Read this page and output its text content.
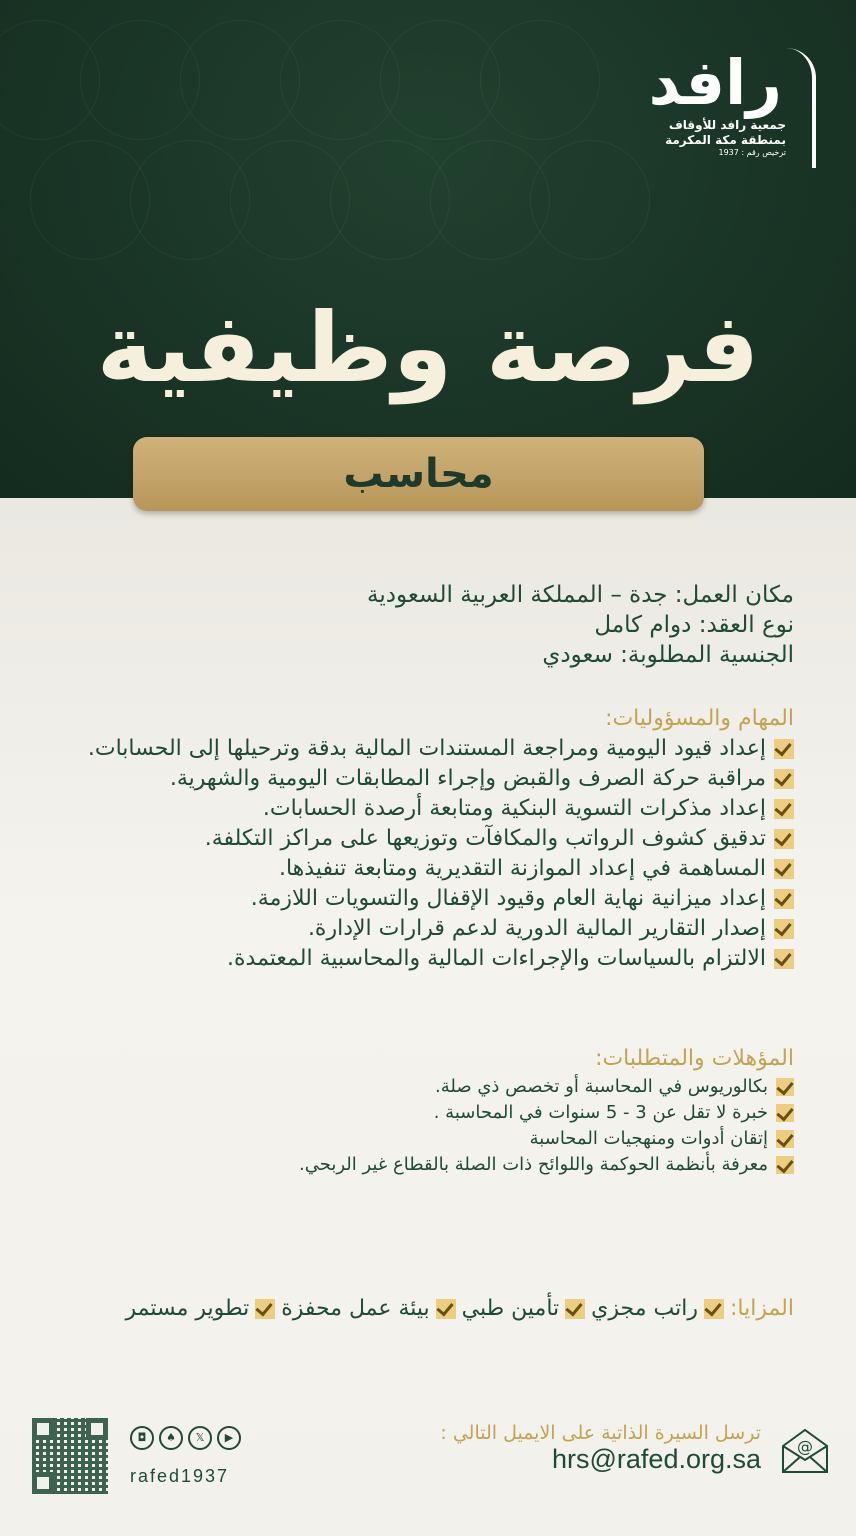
رافد
جمعية رافد للأوقاف
بمنطقة مكة المكرمة
ترخيص رقم : 1937
فرصة وظيفية
محاسب
مكان العمل: جدة – المملكة العربية السعودية
نوع العقد: دوام كامل
الجنسية المطلوبة: سعودي
المهام والمسؤوليات:
إعداد قيود اليومية ومراجعة المستندات المالية بدقة وترحيلها إلى الحسابات.
مراقبة حركة الصرف والقبض وإجراء المطابقات اليومية والشهرية.
إعداد مذكرات التسوية البنكية ومتابعة أرصدة الحسابات.
تدقيق كشوف الرواتب والمكافآت وتوزيعها على مراكز التكلفة.
المساهمة في إعداد الموازنة التقديرية ومتابعة تنفيذها.
إعداد ميزانية نهاية العام وقيود الإقفال والتسويات اللازمة.
إصدار التقارير المالية الدورية لدعم قرارات الإدارة.
الالتزام بالسياسات والإجراءات المالية والمحاسبية المعتمدة.
المؤهلات والمتطلبات:
بكالوريوس في المحاسبة أو تخصص ذي صلة.
خبرة لا تقل عن 3 - 5 سنوات في المحاسبة .
إتقان أدوات ومنهجيات المحاسبة
معرفة بأنظمة الحوكمة واللوائح ذات الصلة بالقطاع غير الربحي.
المزايا:
راتب مجزي
تأمين طبي
بيئة عمل محفزة
تطوير مستمر
@
ترسل السيرة الذاتية على الايميل التالي :
hrs@rafed.org.sa
◘	♠	𝕏	▶
rafed1937
